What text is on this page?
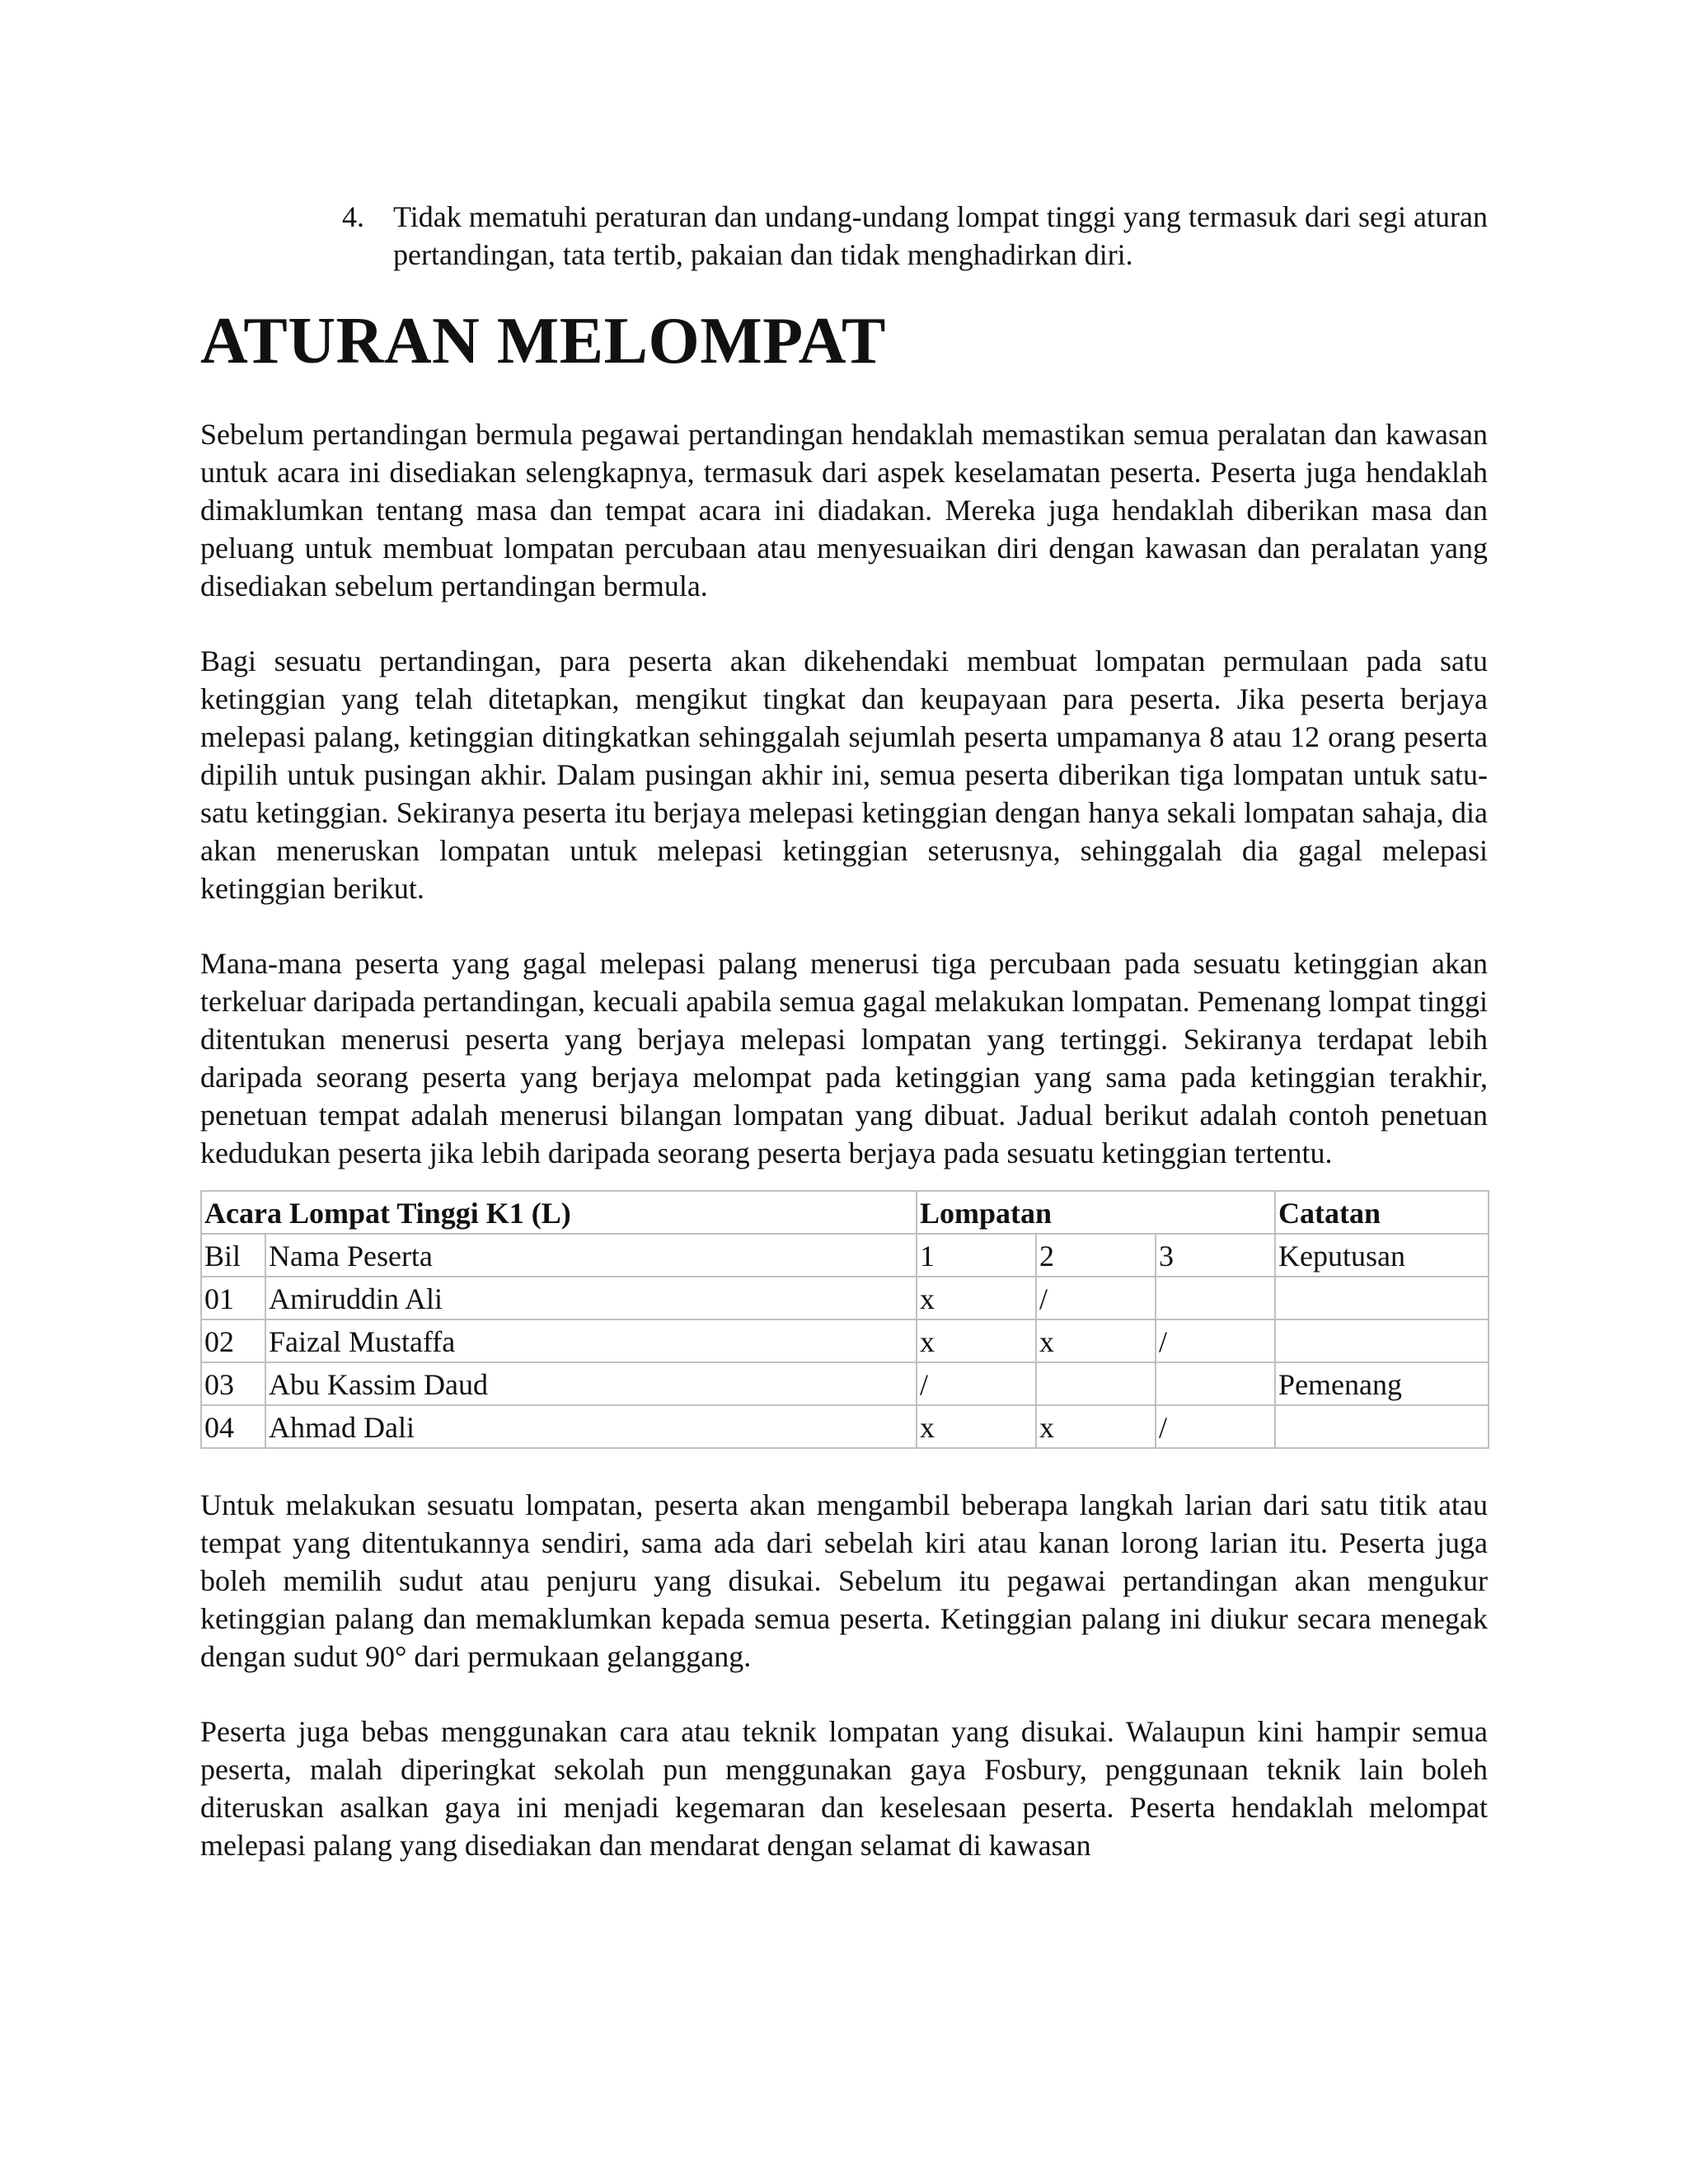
4. Tidak mematuhi peraturan dan undang-undang lompat tinggi yang termasuk dari segi aturan pertandingan, tata tertib, pakaian dan tidak menghadirkan diri.
ATURAN MELOMPAT

Sebelum pertandingan bermula pegawai pertandingan hendaklah memastikan semua peralatan dan kawasan untuk acara ini disediakan selengkapnya, termasuk dari aspek keselamatan peserta. Peserta juga hendaklah dimaklumkan tentang masa dan tempat acara ini diadakan. Mereka juga hendaklah diberikan masa dan peluang untuk membuat lompatan percubaan atau menyesuaikan diri dengan kawasan dan peralatan yang disediakan sebelum pertandingan bermula.

Bagi sesuatu pertandingan, para peserta akan dikehendaki membuat lompatan permulaan pada satu ketinggian yang telah ditetapkan, mengikut tingkat dan keupayaan para peserta. Jika peserta berjaya melepasi palang, ketinggian ditingkatkan sehinggalah sejumlah peserta umpamanya 8 atau 12 orang peserta dipilih untuk pusingan akhir. Dalam pusingan akhir ini, semua peserta diberikan tiga lompatan untuk satu-satu ketinggian. Sekiranya peserta itu berjaya melepasi ketinggian dengan hanya sekali lompatan sahaja, dia akan meneruskan lompatan untuk melepasi ketinggian seterusnya, sehinggalah dia gagal melepasi ketinggian berikut.

Mana-mana peserta yang gagal melepasi palang menerusi tiga percubaan pada sesuatu ketinggian akan terkeluar daripada pertandingan, kecuali apabila semua gagal melakukan lompatan. Pemenang lompat tinggi ditentukan menerusi peserta yang berjaya melepasi lompatan yang tertinggi. Sekiranya terdapat lebih daripada seorang peserta yang berjaya melompat pada ketinggian yang sama pada ketinggian terakhir, penetuan tempat adalah menerusi bilangan lompatan yang dibuat. Jadual berikut adalah contoh penetuan kedudukan peserta jika lebih daripada seorang peserta berjaya pada sesuatu ketinggian tertentu.

Acara Lompat Tinggi K1 (L)		Lompatan			Catatan
Bil	Nama Peserta	1	2	3	Keputusan
01	Amiruddin Ali	x	/		
02	Faizal Mustaffa	x	x	/	
03	Abu Kassim Daud	/			Pemenang
04	Ahmad Dali	x	x	/	

Untuk melakukan sesuatu lompatan, peserta akan mengambil beberapa langkah larian dari satu titik atau tempat yang ditentukannya sendiri, sama ada dari sebelah kiri atau kanan lorong larian itu. Peserta juga boleh memilih sudut atau penjuru yang disukai. Sebelum itu pegawai pertandingan akan mengukur ketinggian palang dan memaklumkan kepada semua peserta. Ketinggian palang ini diukur secara menegak dengan sudut 90° dari permukaan gelanggang.

Peserta juga bebas menggunakan cara atau teknik lompatan yang disukai. Walaupun kini hampir semua peserta, malah diperingkat sekolah pun menggunakan gaya Fosbury, penggunaan teknik lain boleh diteruskan asalkan gaya ini menjadi kegemaran dan keselesaan peserta. Peserta hendaklah melompat melepasi palang yang disediakan dan mendarat dengan selamat di kawasan
